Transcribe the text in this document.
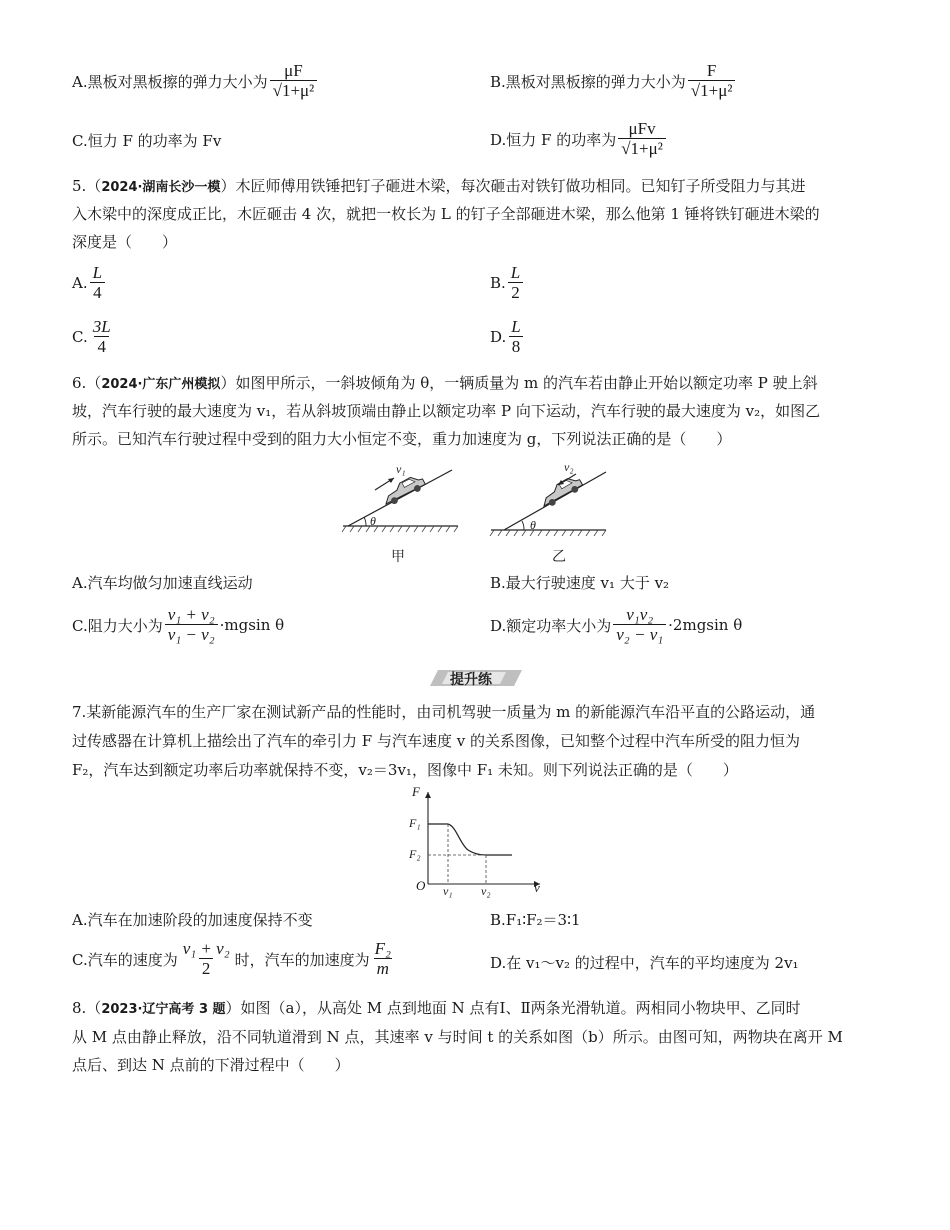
A.黑板对黑板擦的弹力大小为 $\frac{\mu F}{\text{√1+μ²}}$	B.黑板对黑板擦的弹力大小为 $\frac{F}{\text{√1+μ²}}$
C.恒力 F 的功率为 Fv	D.恒力 F 的功率为 $\frac{\text{μFv}}{\text{√1+μ²}}$
5.（2024·湖南长沙一模）木匠师傅用铁锤把钉子砸进木梁，每次砸击对铁钉做功相同。已知钉子所受阻力与其进
入木梁中的深度成正比，木匠砸击 4 次，就把一枚长为 L 的钉子全部砸进木梁，那么他第 1 锤将铁钉砸进木梁的
深度是（　　）
A. $\frac{L}{4}$	B. $\frac{L}{2}$
C. $\frac{3L}{4}$	D. $\frac{L}{8}$
6.（2024·广东广州模拟）如图甲所示，一斜坡倾角为 θ，一辆质量为 m 的汽车若由静止开始以额定功率 P 驶上斜
坡，汽车行驶的最大速度为 v₁，若从斜坡顶端由静止以额定功率 P 向下运动，汽车行驶的最大速度为 v₂，如图乙
所示。已知汽车行驶过程中受到的阻力大小恒定不变，重力加速度为 g，下列说法正确的是（　　）
v₁
θ
甲
v₂
θ
乙
A.汽车均做匀加速直线运动	B.最大行驶速度 v₁ 大于 v₂
C.阻力大小为 $\frac{\text{v₁ + v₂}}{\text{v₁ − v₂}} \cdot mgsin$ θ	D.额定功率大小为 $\frac{\text{v₁v₂}}{\text{v₂ − v₁}} \cdot 2mgsin$ θ
提升练
7.某新能源汽车的生产厂家在测试新产品的性能时，由司机驾驶一质量为 m 的新能源汽车沿平直的公路运动，通
过传感器在计算机上描绘出了汽车的牵引力 F 与汽车速度 v 的关系图像，已知整个过程中汽车所受的阻力恒为
F₂，汽车达到额定功率后功率就保持不变，v₂＝3v₁，图像中 F₁ 未知。则下列说法正确的是（　　）
F
v
O
F₁
F₂
v₁ v₂
A.汽车在加速阶段的加速度保持不变	B.F₁∶F₂＝3∶1
C.汽车的速度为 $\frac{\text{v₁ + v₂}}{2}$ 时，汽车的加速度为 $\frac{\text{F₂}}{m}$	D.在 v₁～v₂ 的过程中，汽车的平均速度为 2v₁
8.（2023·辽宁高考 3 题）如图（a），从高处 M 点到地面 N 点有Ⅰ、Ⅱ两条光滑轨道。两相同小物块甲、乙同时
从 M 点由静止释放，沿不同轨道滑到 N 点，其速率 v 与时间 t 的关系如图（b）所示。由图可知，两物块在离开 M
点后、到达 N 点前的下滑过程中（　　）
